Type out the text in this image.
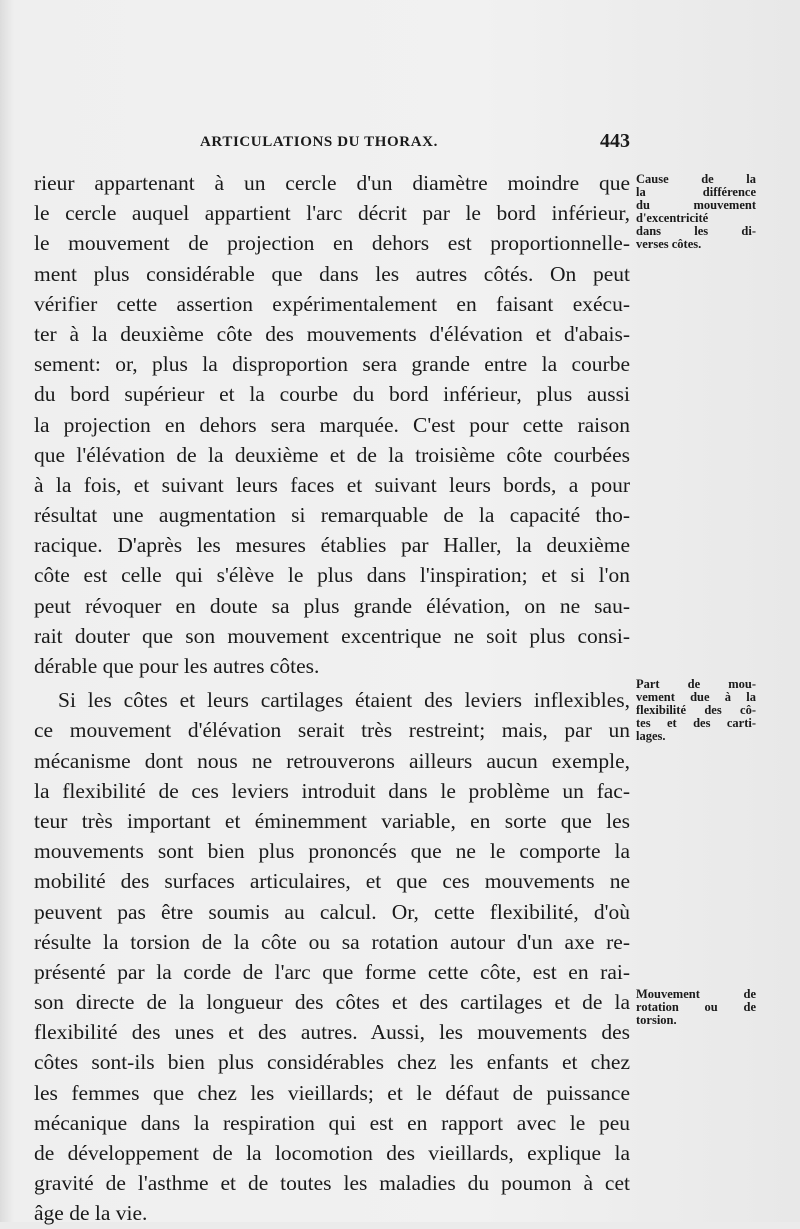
ARTICULATIONS DU THORAX.	443
rieur appartenant à un cercle d'un diamètre moindre que
le cercle auquel appartient l'arc décrit par le bord inférieur,
le mouvement de projection en dehors est proportionnelle-
ment plus considérable que dans les autres côtés. On peut
vérifier cette assertion expérimentalement en faisant exécu-
ter à la deuxième côte des mouvements d'élévation et d'abais-
sement: or, plus la disproportion sera grande entre la courbe
du bord supérieur et la courbe du bord inférieur, plus aussi
la projection en dehors sera marquée. C'est pour cette raison
que l'élévation de la deuxième et de la troisième côte courbées
à la fois, et suivant leurs faces et suivant leurs bords, a pour
résultat une augmentation si remarquable de la capacité tho-
racique. D'après les mesures établies par Haller, la deuxième
côte est celle qui s'élève le plus dans l'inspiration; et si l'on
peut révoquer en doute sa plus grande élévation, on ne sau-
rait douter que son mouvement excentrique ne soit plus consi-
dérable que pour les autres côtes.
Si les côtes et leurs cartilages étaient des leviers inflexibles,
ce mouvement d'élévation serait très restreint; mais, par un
mécanisme dont nous ne retrouverons ailleurs aucun exemple,
la flexibilité de ces leviers introduit dans le problème un fac-
teur très important et éminemment variable, en sorte que les
mouvements sont bien plus prononcés que ne le comporte la
mobilité des surfaces articulaires, et que ces mouvements ne
peuvent pas être soumis au calcul. Or, cette flexibilité, d'où
résulte la torsion de la côte ou sa rotation autour d'un axe re-
présenté par la corde de l'arc que forme cette côte, est en rai-
son directe de la longueur des côtes et des cartilages et de la
flexibilité des unes et des autres. Aussi, les mouvements des
côtes sont-ils bien plus considérables chez les enfants et chez
les femmes que chez les vieillards; et le défaut de puissance
mécanique dans la respiration qui est en rapport avec le peu
de développement de la locomotion des vieillards, explique la
gravité de l'asthme et de toutes les maladies du poumon à cet
âge de la vie.
Cause de la
la différence
du mouvement
d'excentricité
dans les di-
verses côtes.
Part de mou-
vement due à la
flexibilité des cô-
tes et des carti-
lages.
Mouvement de
rotation ou de
torsion.
